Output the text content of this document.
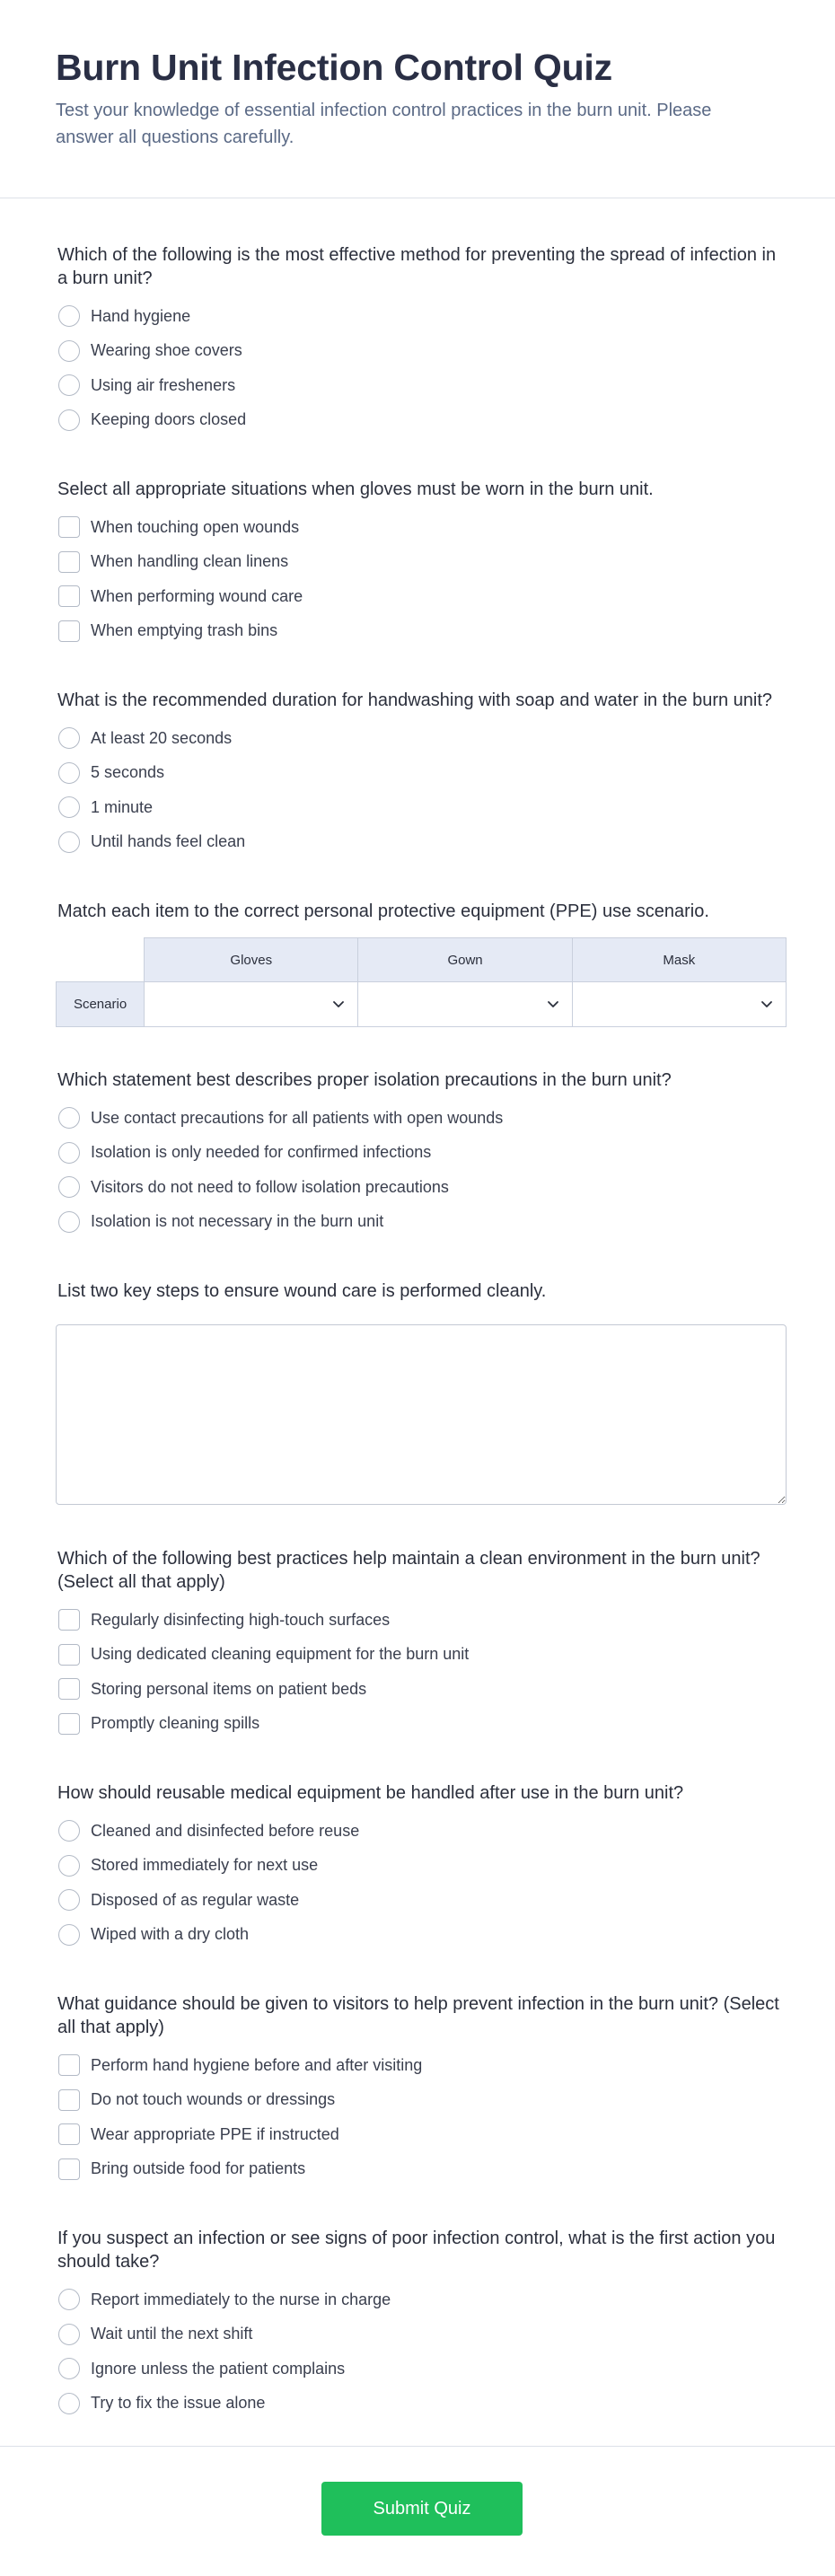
Burn Unit Infection Control Quiz

Test your knowledge of essential infection control practices in the burn unit. Please answer all questions carefully.

Which of the following is the most effective method for preventing the spread of infection in a burn unit?
Hand hygiene
Wearing shoe covers
Using air fresheners
Keeping doors closed
Select all appropriate situations when gloves must be worn in the burn unit.
When touching open wounds
When handling clean linens
When performing wound care
When emptying trash bins
What is the recommended duration for handwashing with soap and water in the burn unit?
At least 20 seconds
5 seconds
1 minute
Until hands feel clean
Match each item to the correct personal protective equipment (PPE) use scenario.
	Gloves	Gown	Mask
Scenario	

Which statement best describes proper isolation precautions in the burn unit?
Use contact precautions for all patients with open wounds
Isolation is only needed for confirmed infections
Visitors do not need to follow isolation precautions
Isolation is not necessary in the burn unit
List two key steps to ensure wound care is performed cleanly.
Which of the following best practices help maintain a clean environment in the burn unit? (Select all that apply)
Regularly disinfecting high-touch surfaces
Using dedicated cleaning equipment for the burn unit
Storing personal items on patient beds
Promptly cleaning spills
How should reusable medical equipment be handled after use in the burn unit?
Cleaned and disinfected before reuse
Stored immediately for next use
Disposed of as regular waste
Wiped with a dry cloth
What guidance should be given to visitors to help prevent infection in the burn unit? (Select all that apply)
Perform hand hygiene before and after visiting
Do not touch wounds or dressings
Wear appropriate PPE if instructed
Bring outside food for patients
If you suspect an infection or see signs of poor infection control, what is the first action you should take?
Report immediately to the nurse in charge
Wait until the next shift
Ignore unless the patient complains
Try to fix the issue alone
Submit Quiz
